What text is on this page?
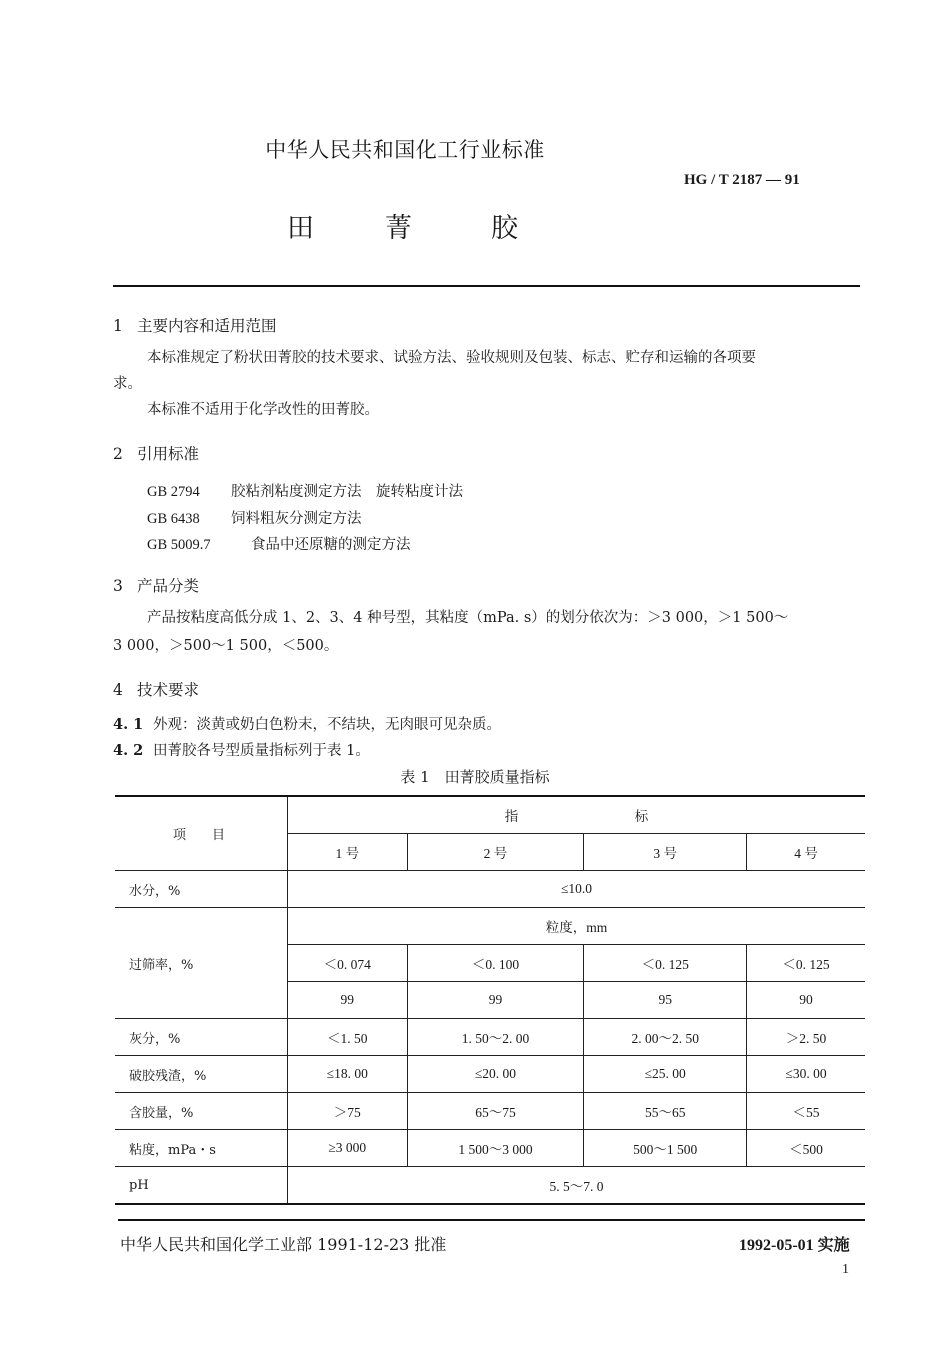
中华人民共和国化工行业标准
HG / T 2187 — 91
田	菁	胶
1 主要内容和适用范围
本标准规定了粉状田菁胶的技术要求、试验方法、验收规则及包装、标志、贮存和运输的各项要
求。
本标准不适用于化学改性的田菁胶。
2 引用标准
GB 2794 胶粘剂粘度测定方法　旋转粘度计法
GB 6438 饲料粗灰分测定方法
GB 5009.7	食品中还原糖的测定方法
3 产品分类
产品按粘度高低分成 1、2、3、4 种号型，其粘度（mPa. s）的划分依次为：＞3 000，＞1 500～
3 000，＞500～1 500，＜500。
4 技术要求
4. 1 外观：淡黄或奶白色粉末，不结块，无肉眼可见杂质。
4. 2 田菁胶各号型质量指标列于表 1。
表 1　田菁胶质量指标
项　　目	指 标			
	1 号	2 号	3 号	4 号
水分，%	≤10.0			
过筛率，%	粒度，mm			
	＜0. 074	＜0. 100	＜0. 125	＜0. 125
	99	99	95	90
灰分，%	＜1. 50	1. 50～2. 00	2. 00～2. 50	＞2. 50
破胶残渣，%	≤18. 00	≤20. 00	≤25. 00	≤30. 00
含胶量，%	＞75	65～75	55～65	＜55
粘度，mPa・s	≥3 000	1 500～3 000	500～1 500	＜500
pH	5. 5～7. 0			
中华人民共和国化学工业部 1991-12-23 批准	1992-05-01 实施
1
